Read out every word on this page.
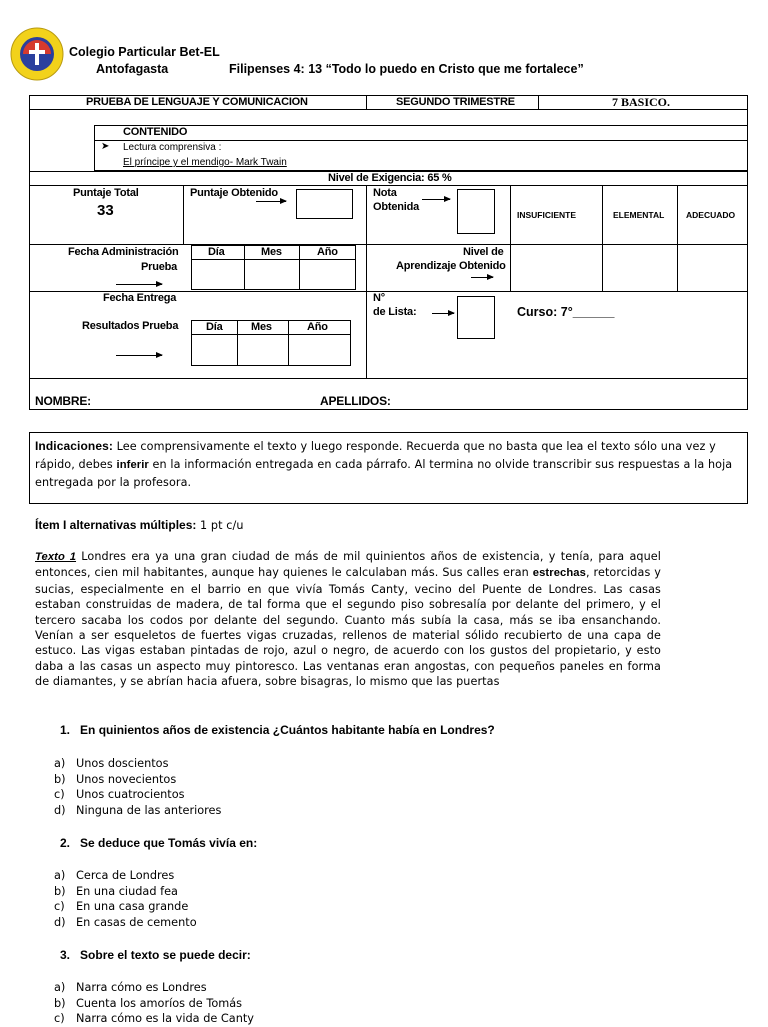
Colegio Particular Bet-EL
Antofagasta	Filipenses 4: 13 “Todo lo puedo en Cristo que me fortalece”
PRUEBA DE LENGUAJE Y COMUNICACION	SEGUNDO TRIMESTRE	7 BASICO.
CONTENIDO
➤ Lectura comprensiva :
El príncipe y el mendigo- Mark Twain
Nivel de Exigencia: 65 %
Puntaje Total
33
Puntaje Obtenido	Nota
Obtenida
INSUFICIENTE	ELEMENTAL	ADECUADO
Fecha Administración
Prueba
Día	Mes	Año	Nivel de
Aprendizaje Obtenido
Fecha Entrega
Resultados Prueba	Día	Mes	Año
N°
de Lista:	Curso: 7°______
NOMBRE:	APELLIDOS:
Indicaciones: Lee comprensivamente el texto y luego responde. Recuerda que no basta que lea el texto sólo una vez y rápido, debes inferir en la información entregada en cada párrafo. Al termina no olvide transcribir sus respuestas a la hoja entregada por la profesora.
Ítem I alternativas múltiples: 1 pt c/u
Texto 1 Londres era ya una gran ciudad de más de mil quinientos años de existencia, y tenía, para aquel entonces, cien mil habitantes, aunque hay quienes le calculaban más. Sus calles eran estrechas, retorcidas y sucias, especialmente en el barrio en que vivía Tomás Canty, vecino del Puente de Londres. Las casas estaban construidas de madera, de tal forma que el segundo piso sobresalía por delante del primero, y el tercero sacaba los codos por delante del segundo. Cuanto más subía la casa, más se iba ensanchando. Venían a ser esqueletos de fuertes vigas cruzadas, rellenos de material sólido recubierto de una capa de estuco. Las vigas estaban pintadas de rojo, azul o negro, de acuerdo con los gustos del propietario, y esto daba a las casas un aspecto muy pintoresco. Las ventanas eran angostas, con pequeños paneles en forma de diamantes, y se abrían hacia afuera, sobre bisagras, lo mismo que las puertas
1. En quinientos años de existencia ¿Cuántos habitante había en Londres?
a) Unos doscientos
b) Unos novecientos
c)	Unos cuatrocientos
d) Ninguna de las anteriores
2. Se deduce que Tomás vivía en:
a) Cerca de Londres
b) En una ciudad fea
c)	En una casa grande
d) En casas de cemento
3. Sobre el texto se puede decir:
a) Narra cómo es Londres
b) Cuenta los amoríos de Tomás
c)	Narra cómo es la vida de Canty
